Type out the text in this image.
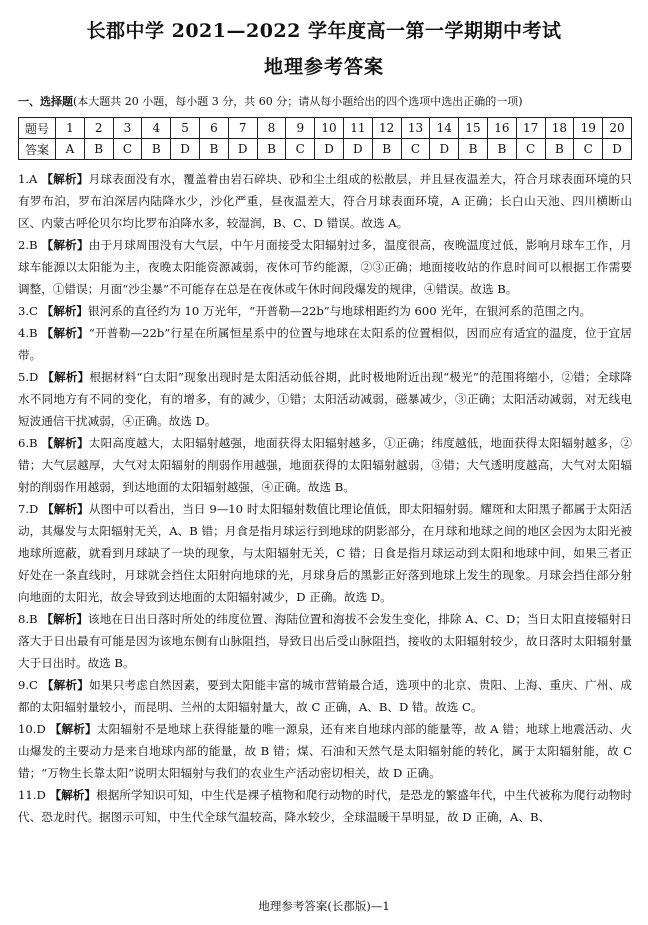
长郡中学 2021—2022 学年度高一第一学期期中考试
地理参考答案
一、选择题(本大题共 20 小题，每小题 3 分，共 60 分；请从每小题给出的四个选项中选出正确的一项)
题号	1	2	3	4	5	6	7	8	9	10	11	12	13	14	15	16	17	18	19	20
答案	A	B	C	B	D	B	D	B	C	D	D	B	C	D	B	B	C	B	C	D
1.A 【解析】月球表面没有水，覆盖着由岩石碎块、砂和尘土组成的松散层，并且昼夜温差大，符合月球表面环境的只有罗布泊，罗布泊深居内陆降水少，沙化严重，昼夜温差大，符合月球表面环境，A 正确；长白山天池、四川横断山区、内蒙古呼伦贝尔均比罗布泊降水多，较湿润，B、C、D 错误。故选 A。
2.B 【解析】由于月球周围没有大气层，中午月面接受太阳辐射过多，温度很高，夜晚温度过低，影响月球车工作，月球车能源以太阳能为主，夜晚太阳能资源减弱，夜休可节约能源，②③正确；地面接收站的作息时间可以根据工作需要调整，①错误；月面“沙尘暴”不可能存在总是在夜休或午休时间段爆发的规律，④错误。故选 B。
3.C 【解析】银河系的直径约为 10 万光年，“开普勒—22b”与地球相距约为 600 光年，在银河系的范围之内。
4.B 【解析】“开普勒—22b”行星在所属恒星系中的位置与地球在太阳系的位置相似，因而应有适宜的温度，位于宜居带。
5.D 【解析】根据材料“白太阳”现象出现时是太阳活动低谷期，此时极地附近出现“极光”的范围将缩小，②错；全球降水不同地方有不同的变化，有的增多，有的减少，①错；太阳活动减弱，磁暴减少，③正确；太阳活动减弱，对无线电短波通信干扰减弱，④正确。故选 D。
6.B 【解析】太阳高度越大，太阳辐射越强，地面获得太阳辐射越多，①正确；纬度越低，地面获得太阳辐射越多，②错；大气层越厚，大气对太阳辐射的削弱作用越强，地面获得的太阳辐射越弱，③错；大气透明度越高，大气对太阳辐射的削弱作用越弱，到达地面的太阳辐射越强，④正确。故选 B。
7.D 【解析】从图中可以看出，当日 9—10 时太阳辐射数值比理论值低，即太阳辐射弱。耀斑和太阳黑子都属于太阳活动，其爆发与太阳辐射无关，A、B 错；月食是指月球运行到地球的阴影部分，在月球和地球之间的地区会因为太阳光被地球所遮蔽，就看到月球缺了一块的现象，与太阳辐射无关，C 错；日食是指月球运动到太阳和地球中间，如果三者正好处在一条直线时，月球就会挡住太阳射向地球的光，月球身后的黑影正好落到地球上发生的现象。月球会挡住部分射向地面的太阳光，故会导致到达地面的太阳辐射减少，D 正确。故选 D。
8.B 【解析】该地在日出日落时所处的纬度位置、海陆位置和海拔不会发生变化，排除 A、C、D；当日太阳直接辐射日落大于日出最有可能是因为该地东侧有山脉阻挡，导致日出后受山脉阻挡，接收的太阳辐射较少，故日落时太阳辐射量大于日出时。故选 B。
9.C 【解析】如果只考虑自然因素，要到太阳能丰富的城市营销最合适，选项中的北京、贵阳、上海、重庆、广州、成都的太阳辐射量较小，而昆明、兰州的太阳辐射量大，故 C 正确，A、B、D 错。故选 C。
10.D 【解析】太阳辐射不是地球上获得能量的唯一源泉，还有来自地球内部的能量等，故 A 错；地球上地震活动、火山爆发的主要动力是来自地球内部的能量，故 B 错；煤、石油和天然气是太阳辐射能的转化，属于太阳辐射能，故 C 错；“万物生长靠太阳”说明太阳辐射与我们的农业生产活动密切相关，故 D 正确。
11.D 【解析】根据所学知识可知，中生代是裸子植物和爬行动物的时代，是恐龙的繁盛年代，中生代被称为爬行动物时代、恐龙时代。据图示可知，中生代全球气温较高，降水较少，全球温暖干旱明显，故 D 正确，A、B、
地理参考答案(长郡版)—1
